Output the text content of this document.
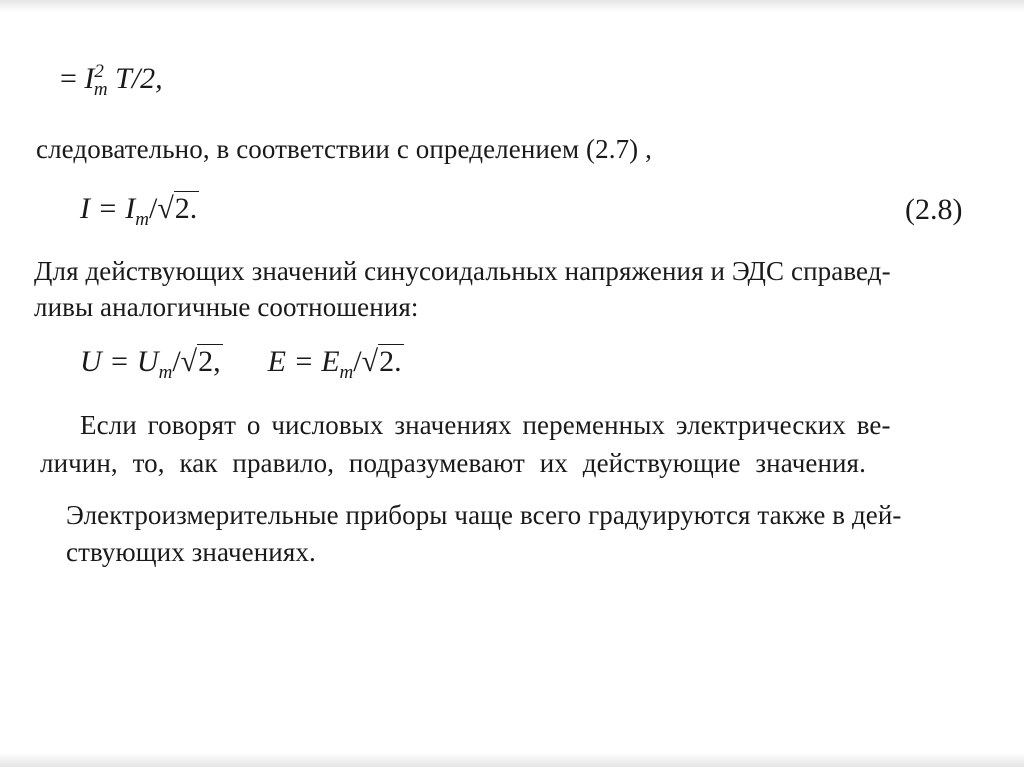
= $I^2_m$ T/2,
следовательно, в соответствии с определением (2.7) ,
$I = I_m/√2$.	(2.8)
Для действующих значений синусоидальных напряжения и ЭДС справед-
ливы аналогичные соотношения:
$U = U_m/√2$, $E = E_m/√2$.
Если говорят о числовых значениях переменных электрических ве-
личин, то, как правило, подразумевают их действующие значения.
Электроизмерительные приборы чаще всего градуируются также в дей-
ствующих значениях.
